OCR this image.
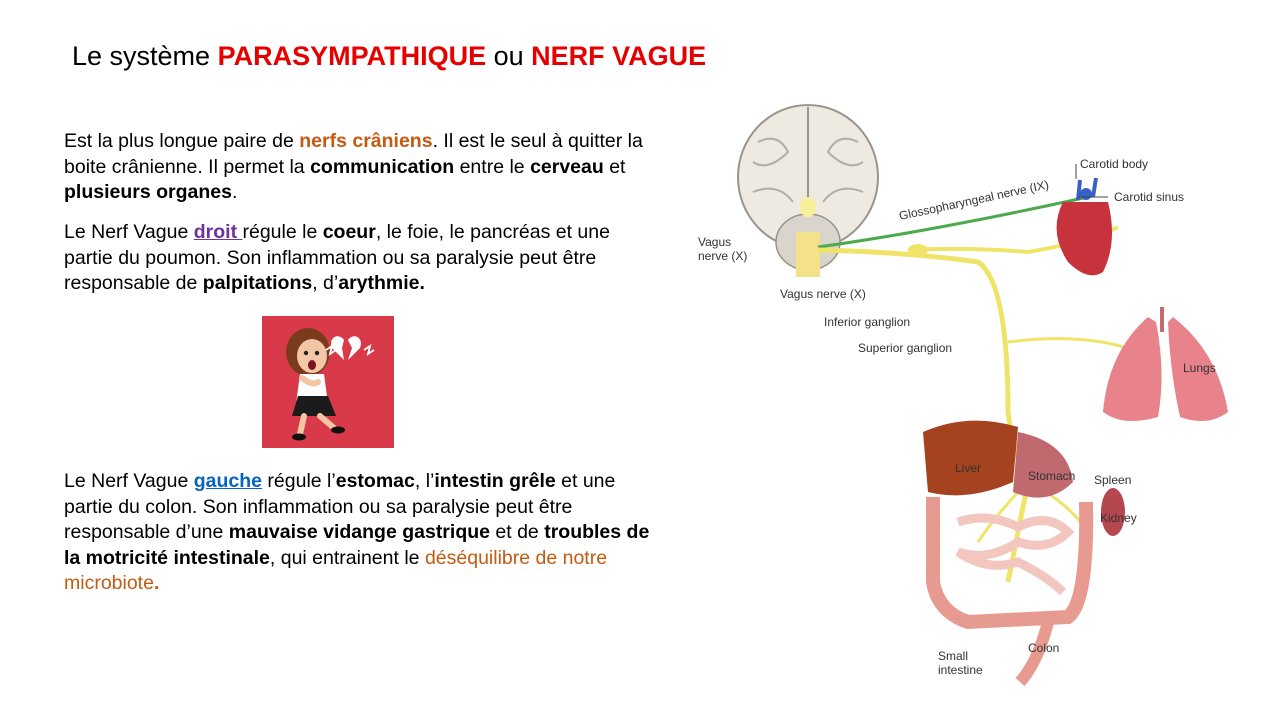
Le système PARASYMPATHIQUE ou NERF VAGUE
Est la plus longue paire de nerfs crâniens. Il est le seul à quitter la boite crânienne. Il permet la communication entre le cerveau et plusieurs organes.
Le Nerf Vague droit régule le coeur, le foie, le pancréas et une partie du poumon. Son inflammation ou sa paralysie peut être responsable de palpitations, d’arythmie.
Le Nerf Vague gauche régule l’estomac, l’intestin grêle et une partie du colon. Son inflammation ou sa paralysie peut être responsable d’une mauvaise vidange gastrique et de troubles de la motricité intestinale, qui entrainent le déséquilibre de notre microbiote.
Carotid body
Carotid sinus
Glossopharyngeal nerve (IX)
Vagus
nerve (X)
Vagus nerve (X)
Inferior ganglion
Superior ganglion
Lungs
Liver
Stomach Spleen
Kidney
Colon
Small
intestine
